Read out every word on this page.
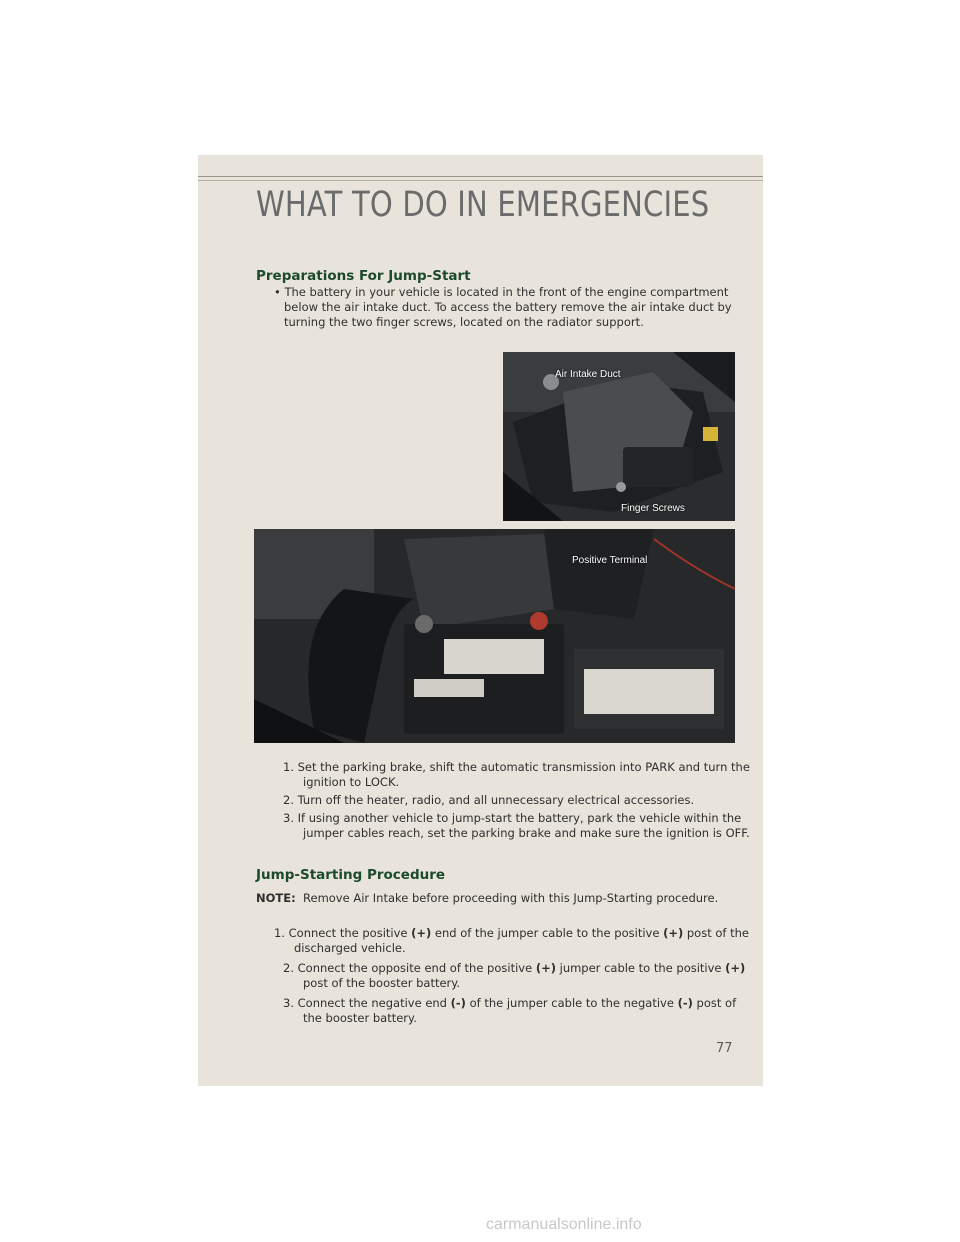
WHAT TO DO IN EMERGENCIES
Preparations For Jump-Start
• The battery in your vehicle is located in the front of the engine compartment below the air intake duct. To access the battery remove the air intake duct by turning the two finger screws, located on the radiator support.
Air Intake Duct
Finger Screws
Positive Terminal
1. Set the parking brake, shift the automatic transmission into PARK and turn the ignition to LOCK.
2. Turn off the heater, radio, and all unnecessary electrical accessories.
3. If using another vehicle to jump-start the battery, park the vehicle within the jumper cables reach, set the parking brake and make sure the ignition is OFF.
Jump-Starting Procedure
NOTE: Remove Air Intake before proceeding with this Jump-Starting procedure.
1. Connect the positive (+) end of the jumper cable to the positive (+) post of the discharged vehicle.
2. Connect the opposite end of the positive (+) jumper cable to the positive (+) post of the booster battery.
3. Connect the negative end (-) of the jumper cable to the negative (-) post of the booster battery.
77
carmanualsonline.info
